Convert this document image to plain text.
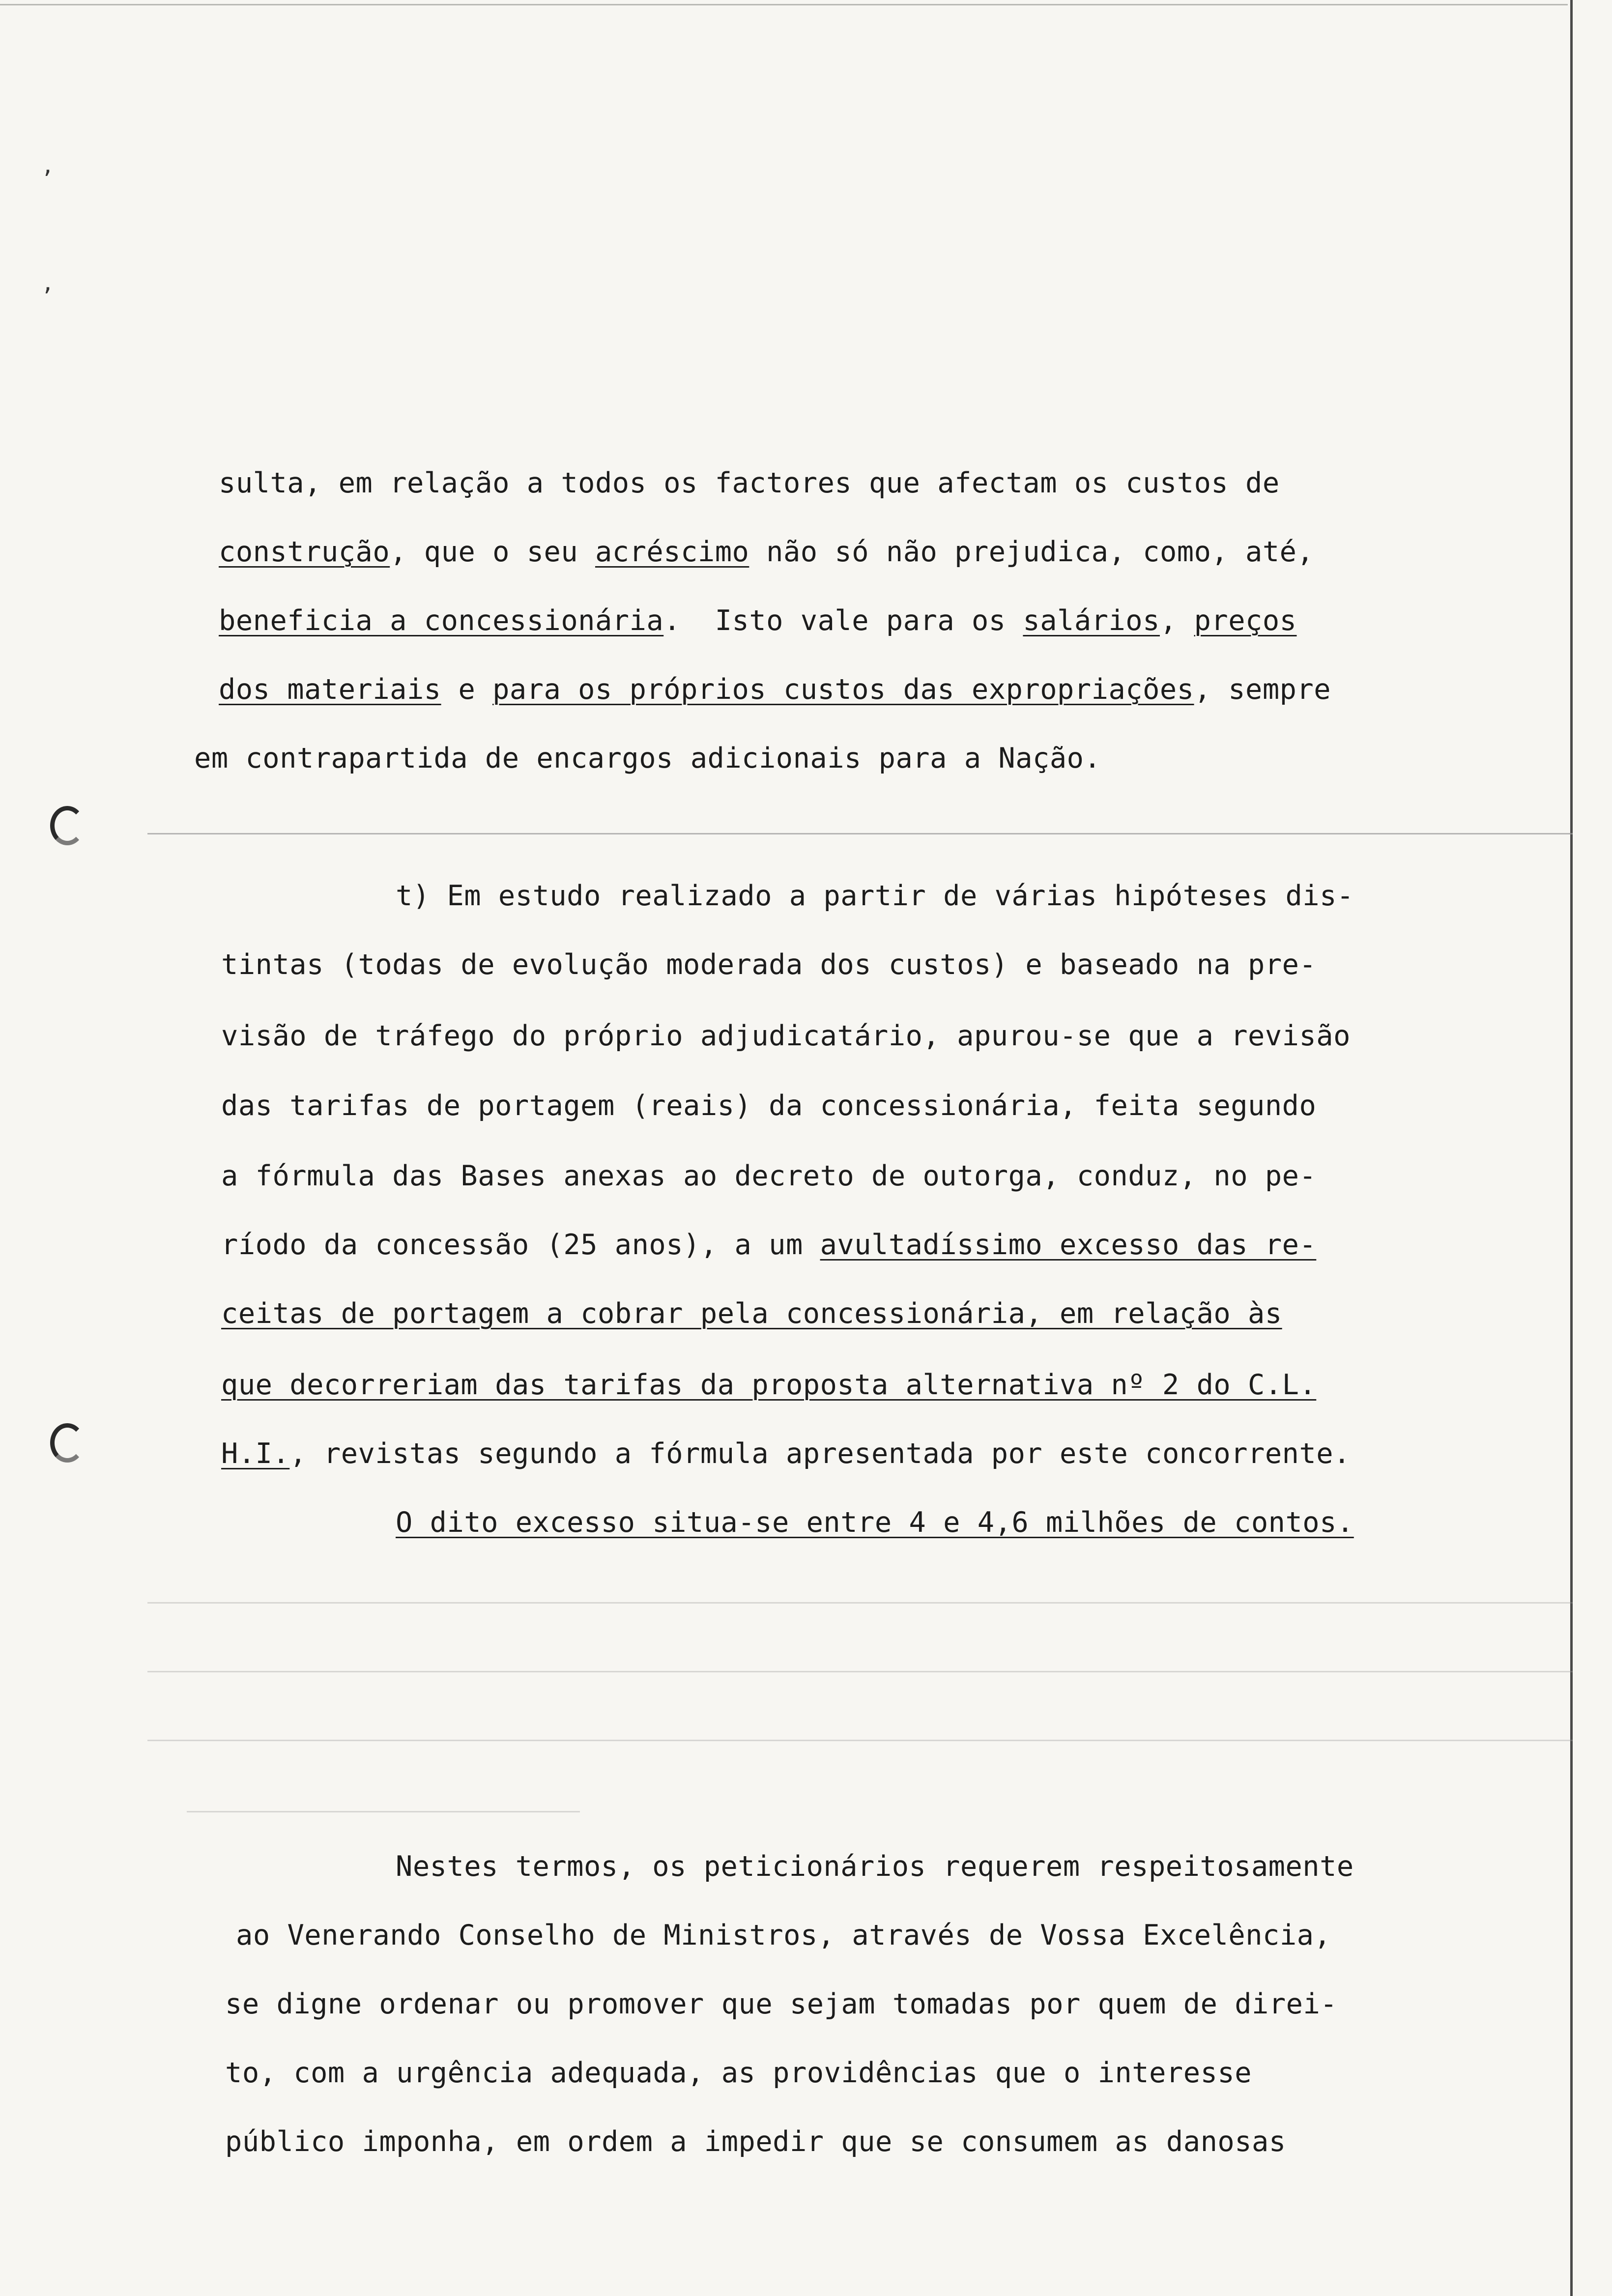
,
,
sulta, em relação a todos os factores que afectam os custos de
construção, que o seu acréscimo não só não prejudica, como, até,
beneficia a concessionária.  Isto vale para os salários, preços
dos materiais e para os próprios custos das expropriações, sempre
em contrapartida de encargos adicionais para a Nação.
t) Em estudo realizado a partir de várias hipóteses dis-
tintas (todas de evolução moderada dos custos) e baseado na pre-
visão de tráfego do próprio adjudicatário, apurou-se que a revisão
das tarifas de portagem (reais) da concessionária, feita segundo
a fórmula das Bases anexas ao decreto de outorga, conduz, no pe-
ríodo da concessão (25 anos), a um avultadíssimo excesso das re-
ceitas de portagem a cobrar pela concessionária, em relação às
que decorreriam das tarifas da proposta alternativa nº 2 do C.L.
H.I., revistas segundo a fórmula apresentada por este concorrente.
O dito excesso situa-se entre 4 e 4,6 milhões de contos.
Nestes termos, os peticionários requerem respeitosamente
ao Venerando Conselho de Ministros, através de Vossa Excelência,
se digne ordenar ou promover que sejam tomadas por quem de direi-
to, com a urgência adequada, as providências que o interesse
público imponha, em ordem a impedir que se consumem as danosas
